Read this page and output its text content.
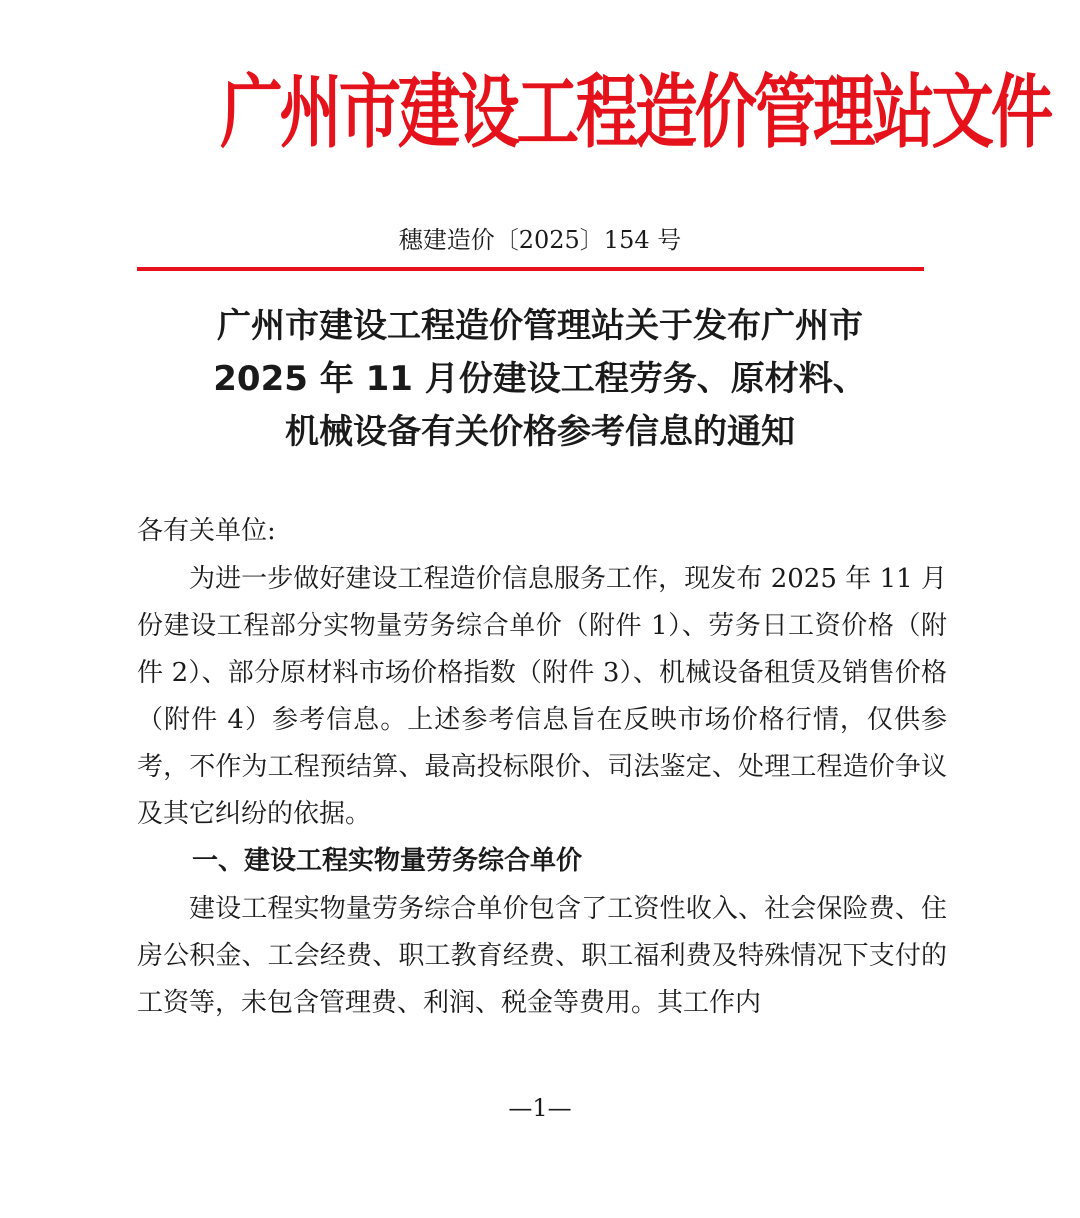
广州市建设工程造价管理站文件
穗建造价〔2025〕154 号
广州市建设工程造价管理站关于发布广州市
2025 年 11 月份建设工程劳务、原材料、
机械设备有关价格参考信息的通知
各有关单位:

为进一步做好建设工程造价信息服务工作，现发布 2025 年 11 月份建设工程部分实物量劳务综合单价（附件 1）、劳务日工资价格（附件 2）、部分原材料市场价格指数（附件 3）、机械设备租赁及销售价格（附件 4）参考信息。上述参考信息旨在反映市场价格行情，仅供参考，不作为工程预结算、最高投标限价、司法鉴定、处理工程造价争议及其它纠纷的依据。

一、建设工程实物量劳务综合单价

建设工程实物量劳务综合单价包含了工资性收入、社会保险费、住房公积金、工会经费、职工教育经费、职工福利费及特殊情况下支付的工资等，未包含管理费、利润、税金等费用。其工作内

—1—
